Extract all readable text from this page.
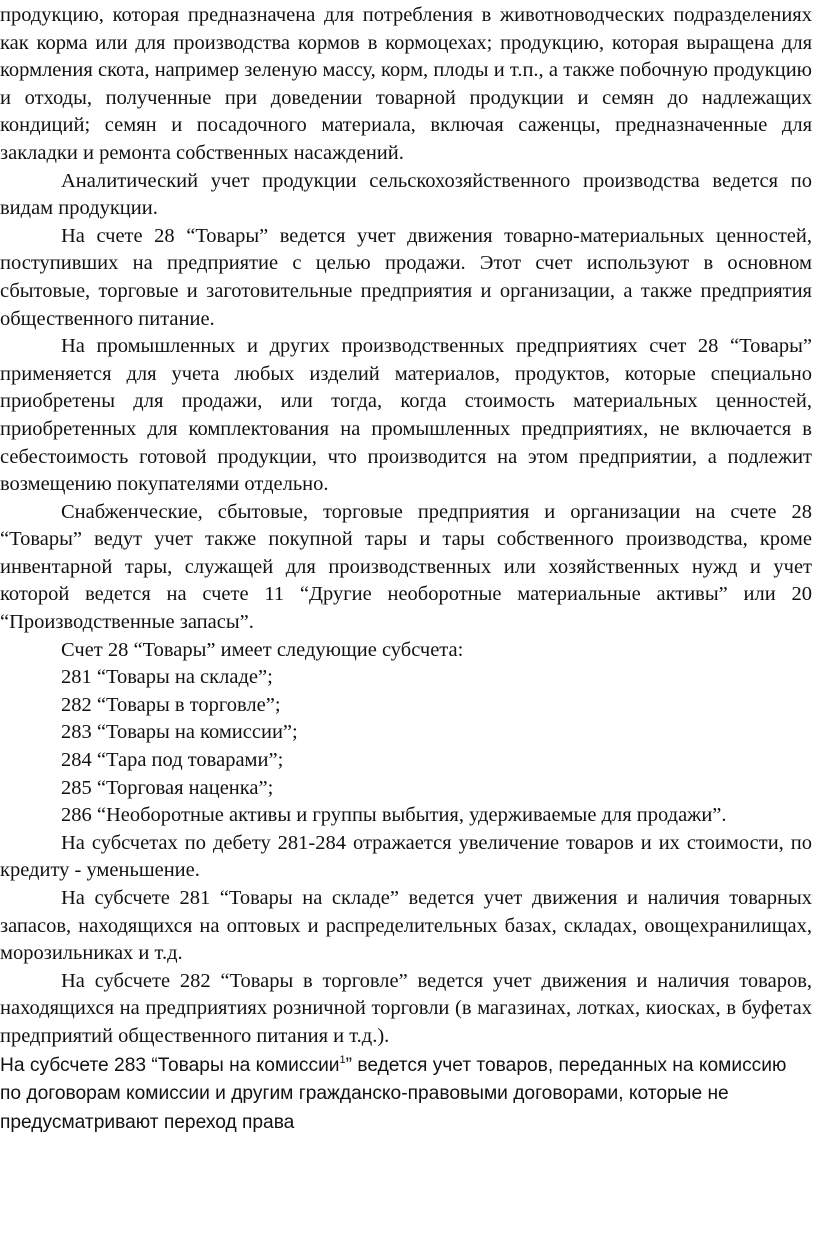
продукцию, которая предназначена для потребления в животноводческих подразделениях как корма или для производства кормов в кормоцехах; продукцию, которая выращена для кормления скота, например зеленую массу, корм, плоды и т.п., а также побочную продукцию и отходы, полученные при доведении товарной продукции и семян до надлежащих кондиций; семян и посадочного материала, включая саженцы, предназначенные для закладки и ремонта собственных насаждений.

Аналитический учет продукции сельскохозяйственного производства ведется по видам продукции.

На счете 28 “Товары” ведется учет движения товарно-материальных ценностей, поступивших на предприятие с целью продажи. Этот счет используют в основном сбытовые, торговые и заготовительные предприятия и организации, а также предприятия общественного питание.

На промышленных и других производственных предприятиях счет 28 “Товары” применяется для учета любых изделий материалов, продуктов, которые специально приобретены для продажи, или тогда, когда стоимость материальных ценностей, приобретенных для комплектования на промышленных предприятиях, не включается в себестоимость готовой продукции, что производится на этом предприятии, а подлежит возмещению покупателями отдельно.

Снабженческие, сбытовые, торговые предприятия и организации на счете 28 “Товары” ведут учет также покупной тары и тары собственного производства, кроме инвентарной тары, служащей для производственных или хозяйственных нужд и учет которой ведется на счете 11 “Другие необоротные материальные активы” или 20 “Производственные запасы”.

Счет 28 “Товары” имеет следующие субсчета:

281 “Товары на складе”;

282 “Товары в торговле”;

283 “Товары на комиссии”;

284 “Тара под товарами”;

285 “Торговая наценка”;

286 “Необоротные активы и группы выбытия, удерживаемые для продажи”.

На субсчетах по дебету 281-284 отражается увеличение товаров и их стоимости, по кредиту - уменьшение.

На субсчете 281 “Товары на складе” ведется учет движения и наличия товарных запасов, находящихся на оптовых и распределительных базах, складах, овощехранилищах, морозильниках и т.д.

На субсчете 282 “Товары в торговле” ведется учет движения и наличия товаров, находящихся на предприятиях розничной торговли (в магазинах, лотках, киосках, в буфетах предприятий общественного питания и т.д.).

На субсчете 283 “Товары на комиссии$^1$” ведется учет товаров, переданных на комиссию по договорам комиссии и другим гражданско-правовыми договорами, которые не предусматривают переход права
